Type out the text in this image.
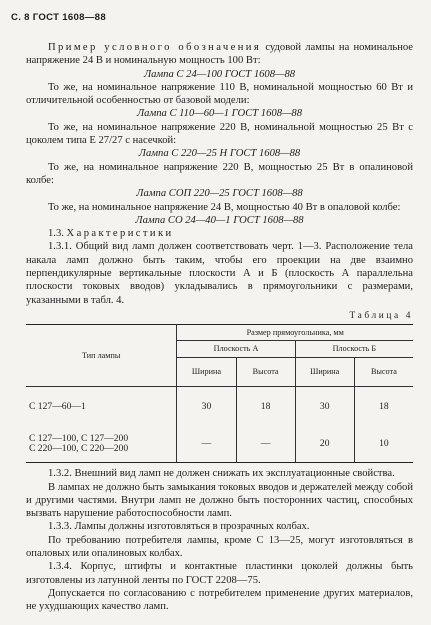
С. 8 ГОСТ 1608—88

Пример условного обозначения судовой лампы на номинальное напряжение 24 В и номинальную мощность 100 Вт:

Лампа С 24—100 ГОСТ 1608—88

То же, на номинальное напряжение 110 В, номинальной мощностью 60 Вт и отличительной особенностью от базовой модели:

Лампа С 110—60—1 ГОСТ 1608—88

То же, на номинальное напряжение 220 В, номинальной мощностью 25 Вт с цоколем типа Е 27/27 с насечкой:

Лампа С 220—25 Н ГОСТ 1608—88

То же, на номинальное напряжение 220 В, мощностью 25 Вт в опалиновой колбе:

Лампа СОП 220—25 ГОСТ 1608—88

То же, на номинальное напряжение 24 В, мощностью 40 Вт в опаловой колбе:

Лампа СО 24—40—1 ГОСТ 1608—88

1.3. Характеристики

1.3.1. Общий вид ламп должен соответствовать черт. 1—3. Расположение тела накала ламп должно быть таким, чтобы его проекции на две взаимно перпендикулярные вертикальные плоскости А и Б (плоскость А параллельна плоскости токовых вводов) укладывались в прямоугольники с размерами, указанными в табл. 4.

Таблица 4
Тип лампы	Размер прямоугольника, мм			
	Плоскость А		Плоскость Б	
	Ширина	Высота	Ширина	Высота
С 127—60—1	30	18	30	18

С 127—100, С 127—200
С 220—100, С 220—200	—	—	20	10

1.3.2. Внешний вид ламп не должен снижать их эксплуатационные свойства.

В лампах не должно быть замыкания токовых вводов и держателей между собой и другими частями. Внутри ламп не должно быть посторонних частиц, способных вызвать нарушение работоспособности ламп.

1.3.3. Лампы должны изготовляться в прозрачных колбах.

По требованию потребителя лампы, кроме С 13—25, могут изготовляться в опаловых или опалиновых колбах.

1.3.4. Корпус, штифты и контактные пластинки цоколей должны быть изготовлены из латунной ленты по ГОСТ 2208—75.

Допускается по согласованию с потребителем применение других материалов, не ухудшающих качество ламп.
